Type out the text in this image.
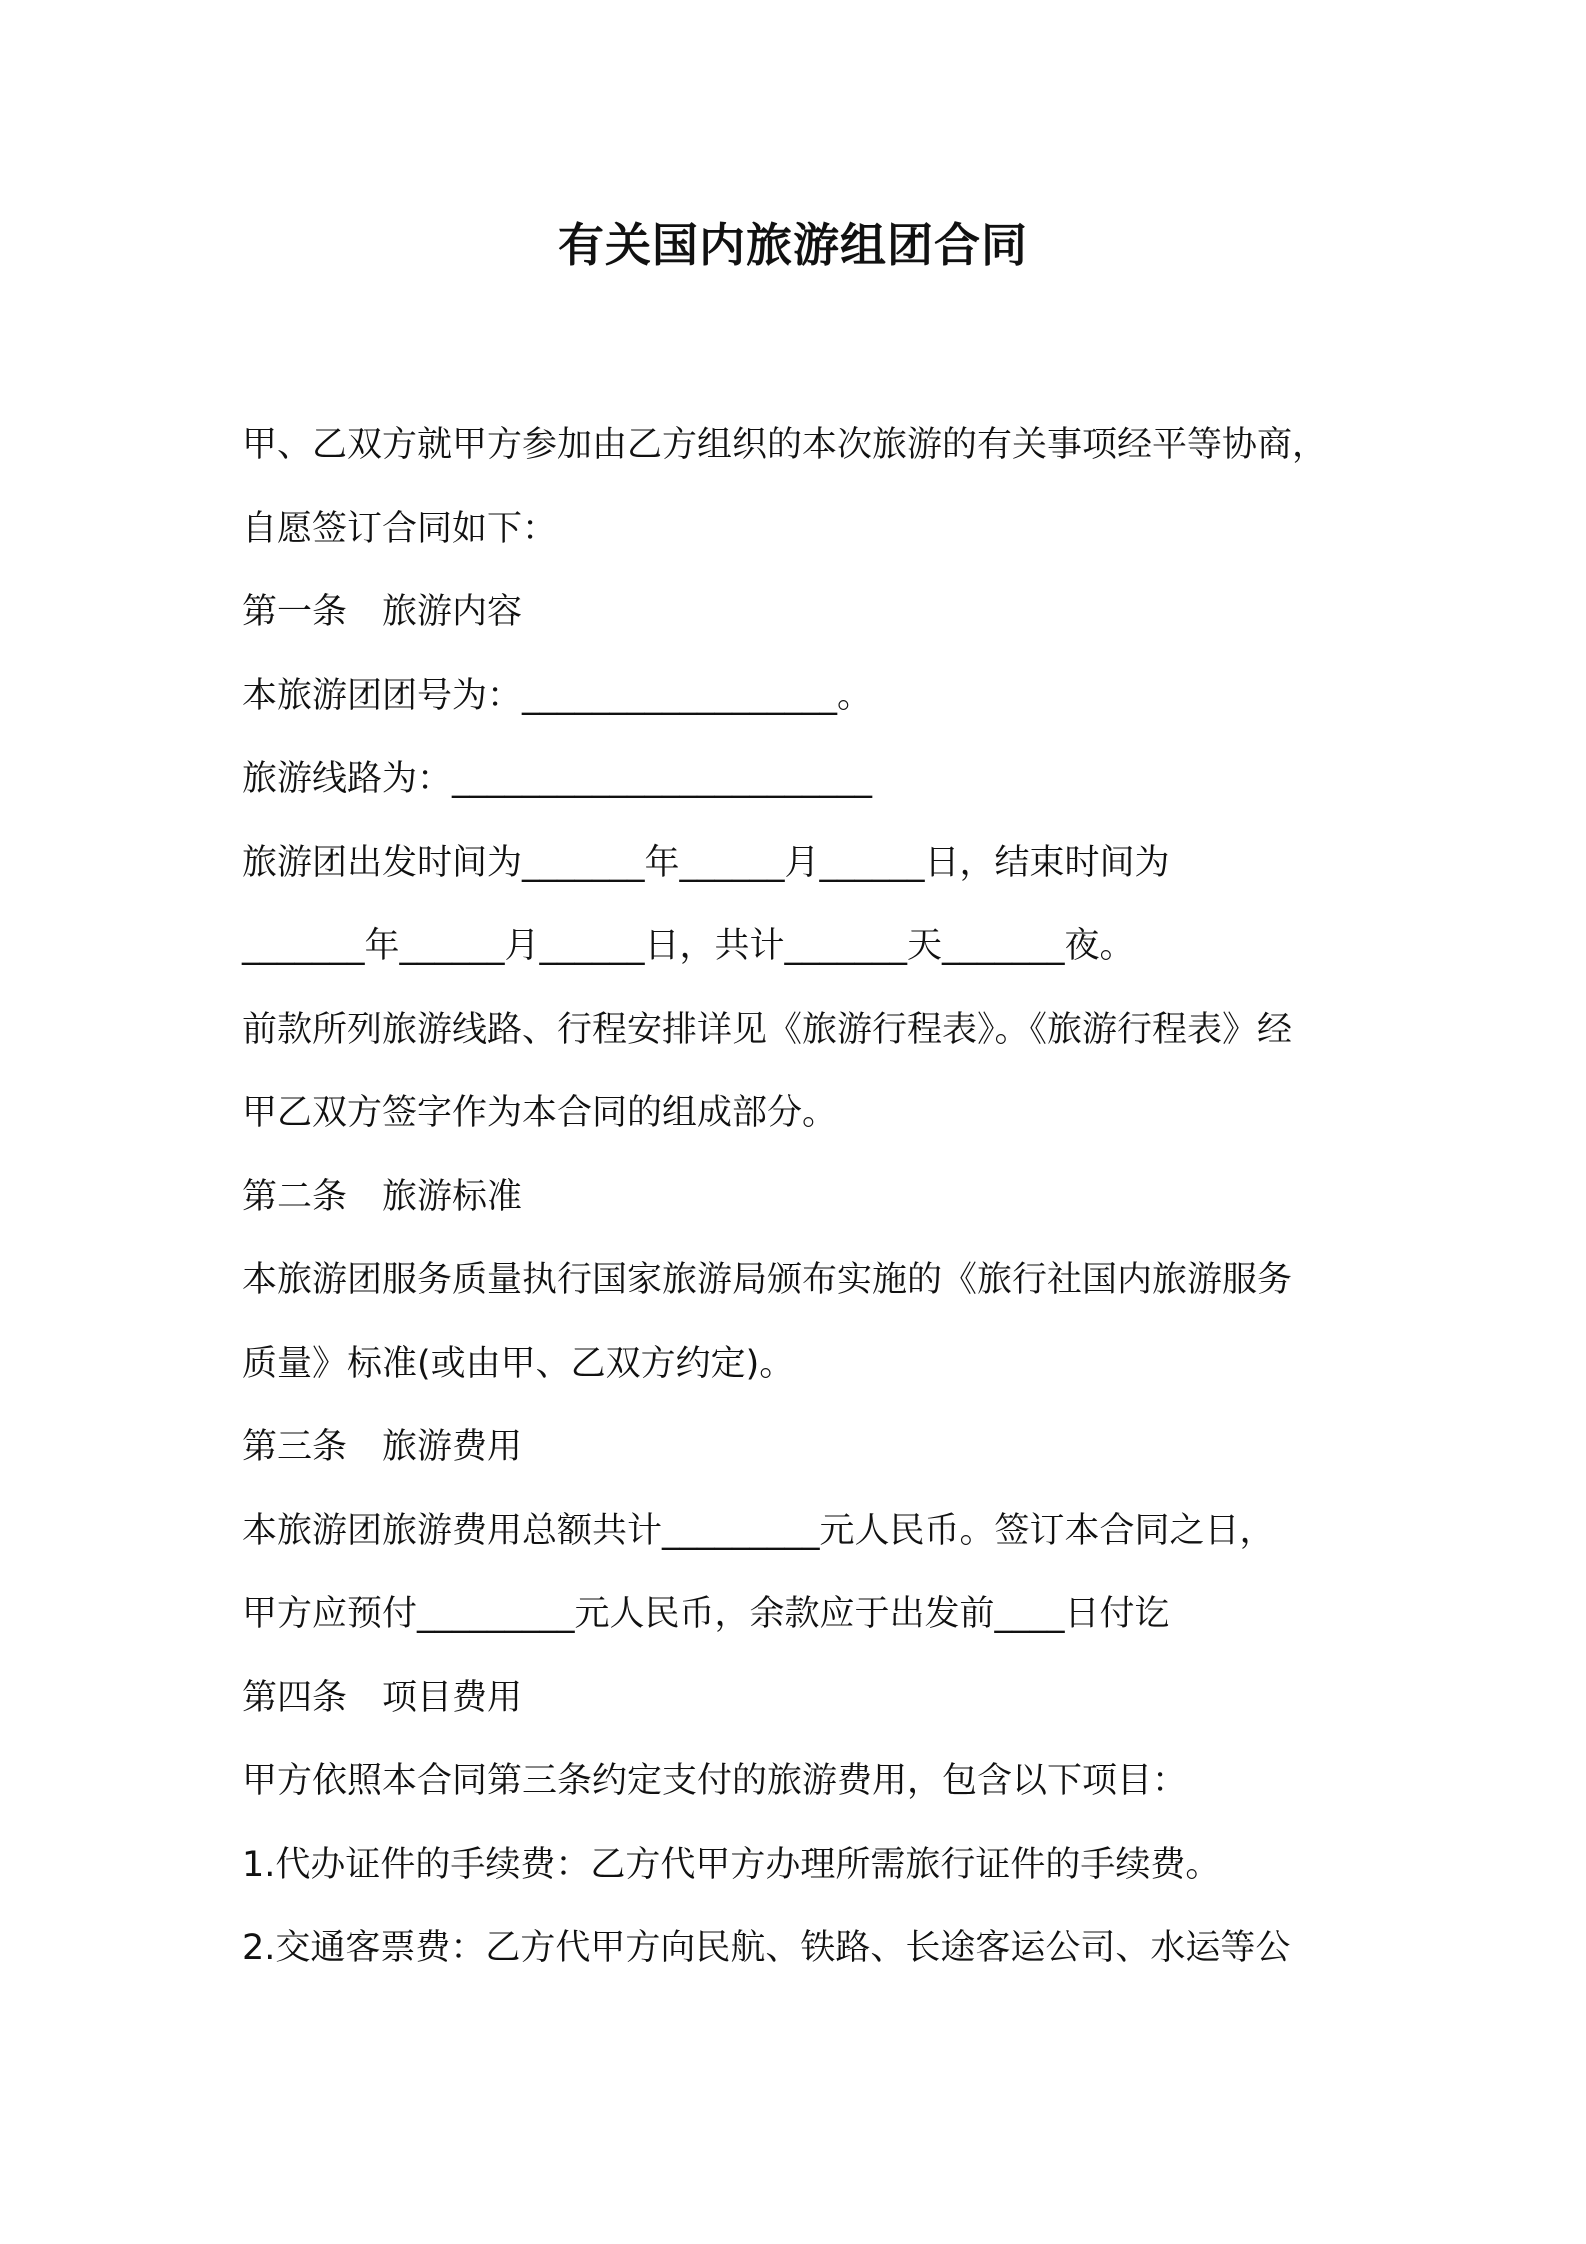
有关国内旅游组团合同

甲、乙双方就甲方参加由乙方组织的本次旅游的有关事项经平等协商，

自愿签订合同如下：

第一条　旅游内容

本旅游团团号为：__________________。

旅游线路为：________________________

旅游团出发时间为_______年______月______日，结束时间为

_______年______月______日，共计_______天_______夜。

前款所列旅游线路、行程安排详见《旅游行程表》。《旅游行程表》经

甲乙双方签字作为本合同的组成部分。

第二条　旅游标准

本旅游团服务质量执行国家旅游局颁布实施的《旅行社国内旅游服务

质量》标准(或由甲、乙双方约定)。

第三条　旅游费用

本旅游团旅游费用总额共计_________元人民币。签订本合同之日，

甲方应预付_________元人民币，余款应于出发前____日付讫

第四条　项目费用

甲方依照本合同第三条约定支付的旅游费用，包含以下项目：

1.代办证件的手续费：乙方代甲方办理所需旅行证件的手续费。

2.交通客票费：乙方代甲方向民航、铁路、长途客运公司、水运等公
